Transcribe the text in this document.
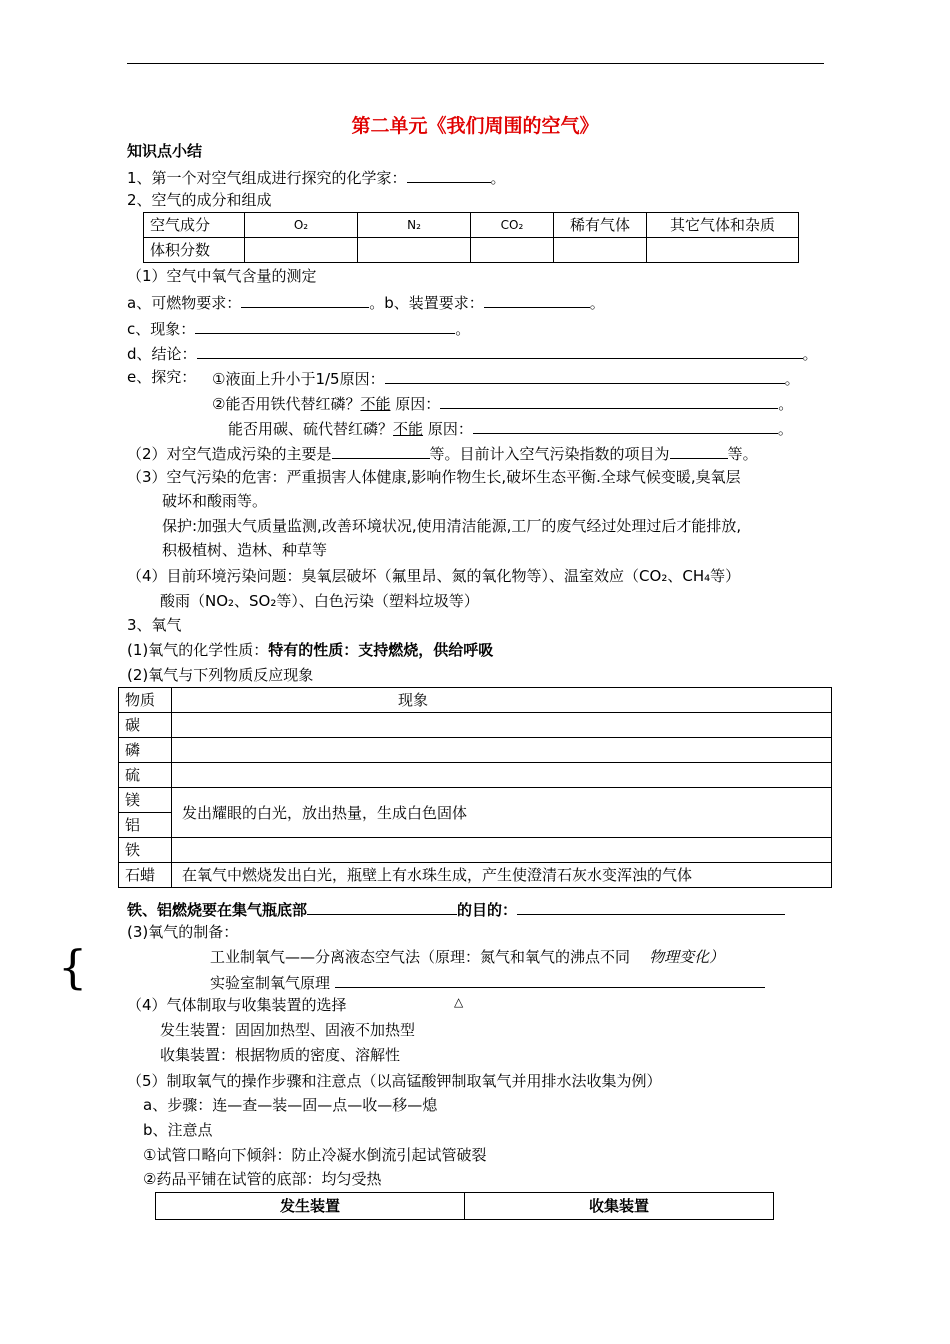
第二单元《我们周围的空气》
知识点小结
1、第一个对空气组成进行探究的化学家：	。
2、空气的成分和组成
空气成分	O₂	N₂	CO₂	稀有气体	其它气体和杂质
体积分数					
（1）空气中氧气含量的测定
a、可燃物要求：	。b、装置要求：	。
c、现象：	。
d、结论：	。
e、探究： ①液面上升小于1/5原因：	。
②能否用铁代替红磷？不能 原因：	。
能否用碳、硫代替红磷？不能 原因：	。
（2）对空气造成污染的主要是	等。目前计入空气污染指数的项目为	等。
（3）空气污染的危害：严重损害人体健康,影响作物生长,破坏生态平衡.全球气候变暖,臭氧层
破坏和酸雨等。
保护:加强大气质量监测,改善环境状况,使用清洁能源,工厂的废气经过处理过后才能排放,
积极植树、造林、种草等
（4）目前环境污染问题：臭氧层破坏（氟里昂、氮的氧化物等）、温室效应（CO₂、CH₄等）
酸雨（NO₂、SO₂等）、白色污染（塑料垃圾等）
3、氧气
(1)氧气的化学性质：特有的性质：支持燃烧，供给呼吸
(2)氧气与下列物质反应现象
物质	现象
碳	
磷	
硫	
镁	发出耀眼的白光，放出热量，生成白色固体
铝	
铁	
石蜡	在氧气中燃烧发出白光，瓶壁上有水珠生成，产生使澄清石灰水变浑浊的气体
铁、铝燃烧要在集气瓶底部	的目的：
(3)氧气的制备：
{	工业制氧气——分离液态空气法（原理：氮气和氧气的沸点不同 物理变化）
实验室制氧气原理
（4）气体制取与收集装置的选择	△
发生装置：固固加热型、固液不加热型
收集装置：根据物质的密度、溶解性
（5）制取氧气的操作步骤和注意点（以高锰酸钾制取氧气并用排水法收集为例）
a、步骤：连—查—装—固—点—收—移—熄
b、注意点
①试管口略向下倾斜：防止冷凝水倒流引起试管破裂
②药品平铺在试管的底部：均匀受热
发生装置	收集装置
